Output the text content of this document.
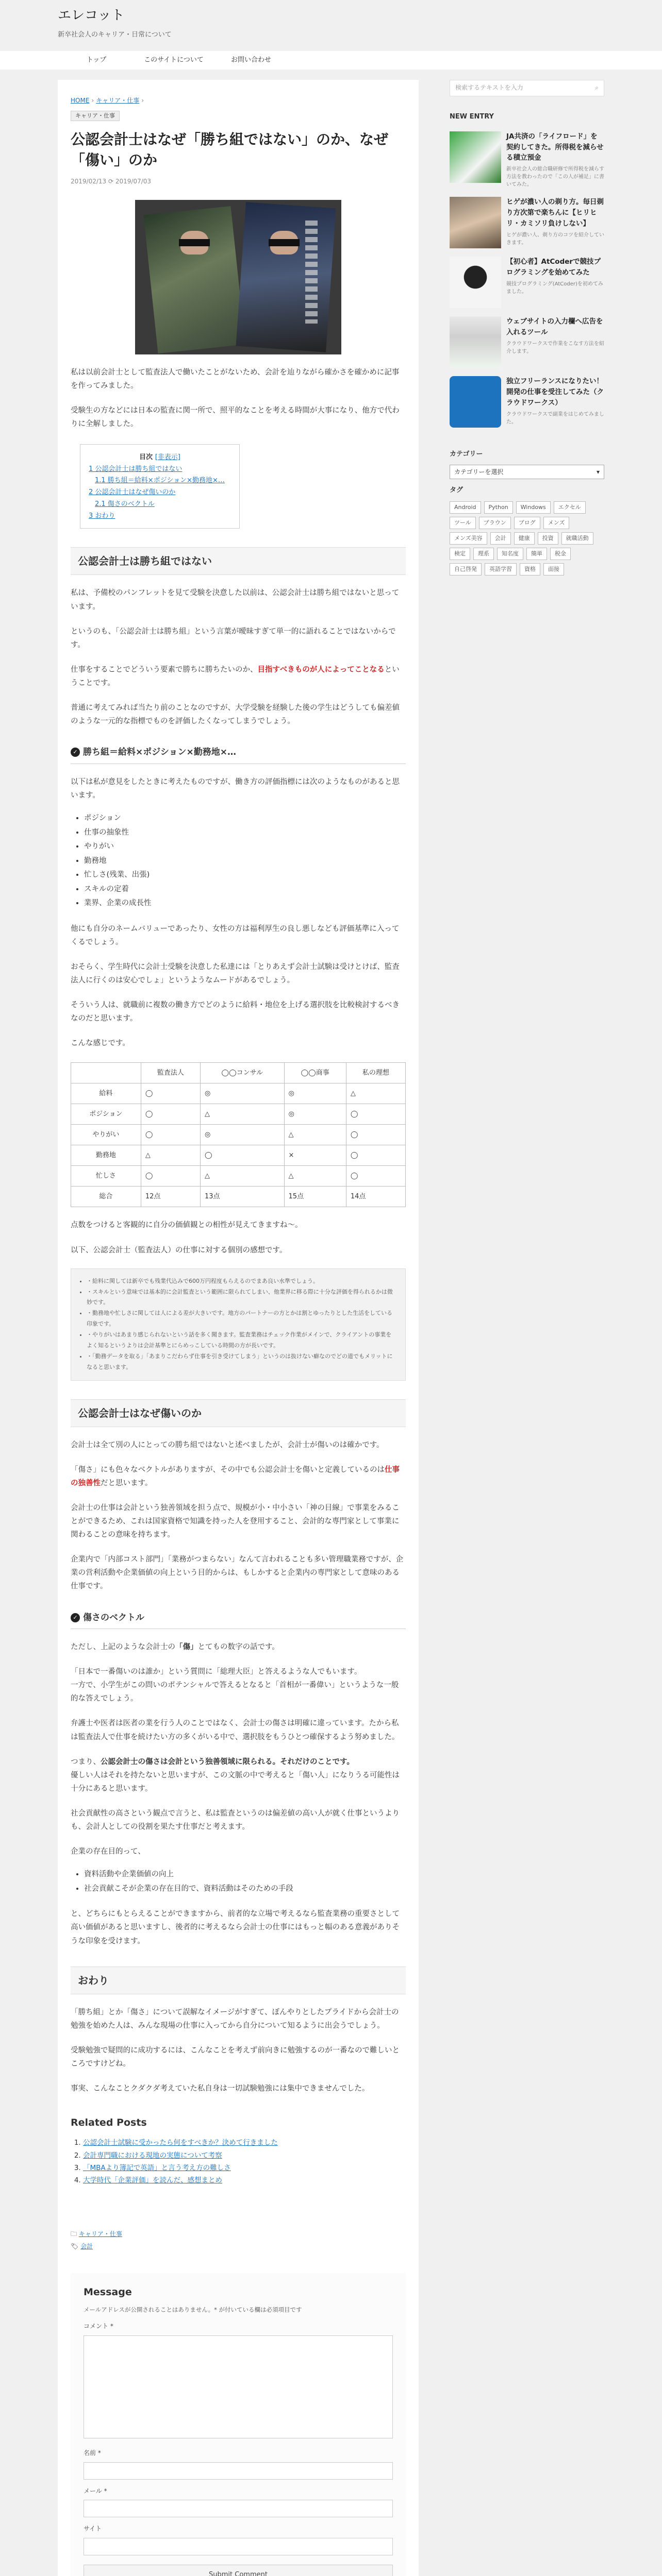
エレコット
新卒社会人のキャリア・日常について
トップ	このサイトについて	お問い合わせ
HOME › キャリア・仕事 ›
キャリア・仕事
公認会計士はなぜ「勝ち組ではない」のか、なぜ「傷い」のか
2019/02/13 ⟳ 2019/07/03

私は以前会計士として監査法人で働いたことがないため、会計を辿りながら確かさを確かめに記事を作ってみました。

受験生の方などには日本の監査に関一所で、照平的なことを考える時間が大事になり、他方で代わりに全解しました。

目次 [非表示]
1 公認会計士は勝ち組ではない
1.1 勝ち組＝給料×ポジション×勤務地×…
2 公認会計士はなぜ傷いのか
2.1 傷さのベクトル
3 おわり
公認会計士は勝ち組ではない

私は、予備校のパンフレットを見て受験を決意した以前は、公認会計士は勝ち組ではないと思っています。

というのも、「公認会計士は勝ち組」という言葉が曖昧すぎて単一的に語れることではないからです。

仕事をすることでどういう要素で勝ちに勝ちたいのか、目指すべきものが人によってことなるということです。

普通に考えてみれば当たり前のことなのですが、大学受験を経験した後の学生はどうしても偏差値のような一元的な指標でものを評価したくなってしまうでしょう。

✓ 勝ち組＝給料×ポジション×勤務地×…

以下は私が意見をしたときに考えたものですが、働き方の評価指標には次のようなものがあると思います。

• ポジション
• 仕事の抽象性
• やりがい
• 勤務地
• 忙しさ(残業、出張)
• スキルの定着
• 業界、企業の成長性

他にも自分のネームバリューであったり、女性の方は福利厚生の良し悪しなども評価基準に入ってくるでしょう。

おそらく、学生時代に会計士受験を決意した私達には「とりあえず会計士試験は受けとけば、監査法人に行くのは安心でしょ」というようなムードがあるでしょう。

そういう人は、就職前に複数の働き方でどのように給料・地位を上げる選択肢を比較検討するべきなのだと思います。

こんな感じです。

	監査法人	◯◯コンサル	◯◯商事	私の理想
給料	◯	◎	◎	△
ポジション	◯	△	◎	◯
やりがい	◯	◎	△	◯
勤務地	△	◯	×	◯
忙しさ	◯	△	△	◯
総合	12点	13点	15点	14点

点数をつけると客観的に自分の価値観との相性が見えてきますね〜。

以下、公認会計士（監査法人）の仕事に対する個別の感想です。

• ・給料に関しては新卒でも残業代込みで600万円程度もらえるのでまあ良い水準でしょう。
• ・スキルという意味では基本的に会計監査という範囲に限られてしまい、他業界に移る際に十分な評価を得られるかは微妙です。
• ・勤務地や忙しさに関しては人による差が大きいです。地方のパートナーの方とかは割とゆったりとした生活をしている印象です。
• ・やりがいはあまり感じられないという話を多く聞きます。監査業務はチェック作業がメインで、クライアントの事業をよく知るというよりは会計基準とにらめっこしている時間の方が長いです。
• ・「勤務データを取る」「あまりこだわらず仕事を引き受けてしまう」というのは抜けない癖なのでどの道でもメリットになると思います。
公認会計士はなぜ傷いのか

会計士は全て別の人にとっての勝ち組ではないと述べましたが、会計士が傷いのは確かです。

「傷さ」にも色々なベクトルがありますが、その中でも公認会計士を傷いと定義しているのは仕事の独善性だと思います。

会計士の仕事は会計という独善領域を担う点で、規模が小・中小さい「神の目線」で事業をみることができるため、これは国家資格で知識を持った人を登用すること、会計的な専門家として事業に関わることの意味を持ちます。

企業内で「内部コスト部門」「業務がつまらない」なんて言われることも多い管理職業務ですが、企業の営利活動や企業価値の向上という目的からは、もしかすると企業内の専門家として意味のある仕事です。

✓ 傷さのベクトル

ただし、上記のような会計士の「傷」とてもの数字の話です。

「日本で一番傷いのは誰か」という質問に「総理大臣」と答えるような人でもいます。
一方で、小学生がこの問いのポテンシャルで答えるとなると「首相が一番偉い」というような一般的な答えでしょう。

弁護士や医者は医者の業を行う人のことではなく、会計士の傷さは明確に違っています。たから私は監査法人で仕事を続けたい方の多くがいる中で、選択肢をもうひとつ確保するよう努めました。

つまり、公認会計士の傷さは会計という独善領域に限られる。それだけのことです。
優しい人はそれを持たないと思いますが、この文脈の中で考えると「傷い人」になりうる可能性は十分にあると思います。

社会貢献性の高さという観点で言うと、私は監査というのは偏差値の高い人が就く仕事というよりも、会計人としての役割を果たす仕事だと考えます。

企業の存在目的って、

• 資料活動や企業価値の向上
• 社会貢献こそが企業の存在目的で、資料活動はそのための手段

と、どちらにもとらえることができますから、前者的な立場で考えるなら監査業務の重要さとして高い価値があると思いますし、後者的に考えるなら会計士の仕事にはもっと幅のある意義がありそうな印象を受けます。

おわり

「勝ち組」とか「傷さ」について誤解なイメージがすぎて、ぼんやりとしたプライドから会計士の勉強を始めた人は、みんな現場の仕事に入ってから自分について知るように出会うでしょう。

受験勉強で疑問的に成功するには、こんなことを考えず前向きに勉強するのが一番なので難しいところですけどね。

事実、こんなことクダクダ考えていた私自身は一切試験勉強には集中できませんでした。

Related Posts
1. 公認会計士試験に受かったら何をすべきか？決めて行きました
2. 会計専門職における現地の実態について考察
3. 「MBAより簿記で英語」と言う考え方の難しさ
4. 大学時代「企業評価」を読んだ、感想まとめ
🗀 キャリア・仕事
🏷 会計
Message
メールアドレスが公開されることはありません。* が付いている欄は必須項目です
コメント *
名前 *
メール *
サイト
Submit Comment
検索するテキストを入力	⌕
NEW ENTRY
JA共済の「ライフロード」を契約してきた。所得税を減らせる積立預金
新卒社会人の総合職研修で所得税を減らす方法を教わったので「この人が補足」に書いてみた。
ヒゲが濃い人の剃り方。毎日剃り方次第で楽ちんに【ヒリヒリ・カミソリ負けしない】
ヒゲが濃い人、剃り方のコツを紹介していきます。
【初心者】AtCoderで競技プログラミングを始めてみた
競技プログラミング(AtCoder)を初めてみました。
ウェブサイトの入力欄へ広告を入れるツール
クラウドワークスで作業をこなす方法を紹介します。
独立フリーランスになりたい！開発の仕事を受注してみた（クラウドワークス）
クラウドワークスで副業をはじめてみました。
カテゴリー
カテゴリーを選択	▾
タグ
Android	Python	Windows	エクセル
ツール	ブラウン	ブログ	メンズ
メンズ美容	会計	健康	投資	就職活動
検定	理系	知名度	簡単	税金
自己啓発	英語学習	資格	面接
